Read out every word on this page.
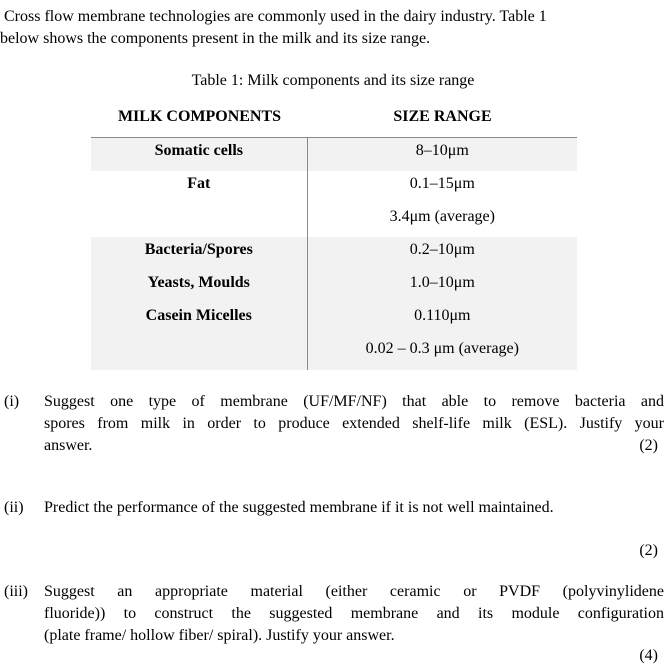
Cross flow membrane technologies are commonly used in the dairy industry. Table 1
below shows the components present in the milk and its size range.
Table 1: Milk components and its size range
MILK COMPONENTS	SIZE RANGE
Somatic cells	8–10μm
Fat	0.1–15μm
3.4μm (average)
Bacteria/Spores	0.2–10μm
Yeasts, Moulds	1.0–10μm
Casein Micelles	0.110μm
0.02 – 0.3 μm (average)
(i) Suggest one type of membrane (UF/MF/NF) that able to remove bacteria and
spores from milk in order to produce extended shelf-life milk (ESL). Justify your
answer.	(2)
(ii) Predict the performance of the suggested membrane if it is not well maintained.
(2)
(iii) Suggest an appropriate material (either ceramic or PVDF (polyvinylidene
fluoride)) to construct the suggested membrane and its module configuration
(plate frame/ hollow fiber/ spiral). Justify your answer.
(4)
